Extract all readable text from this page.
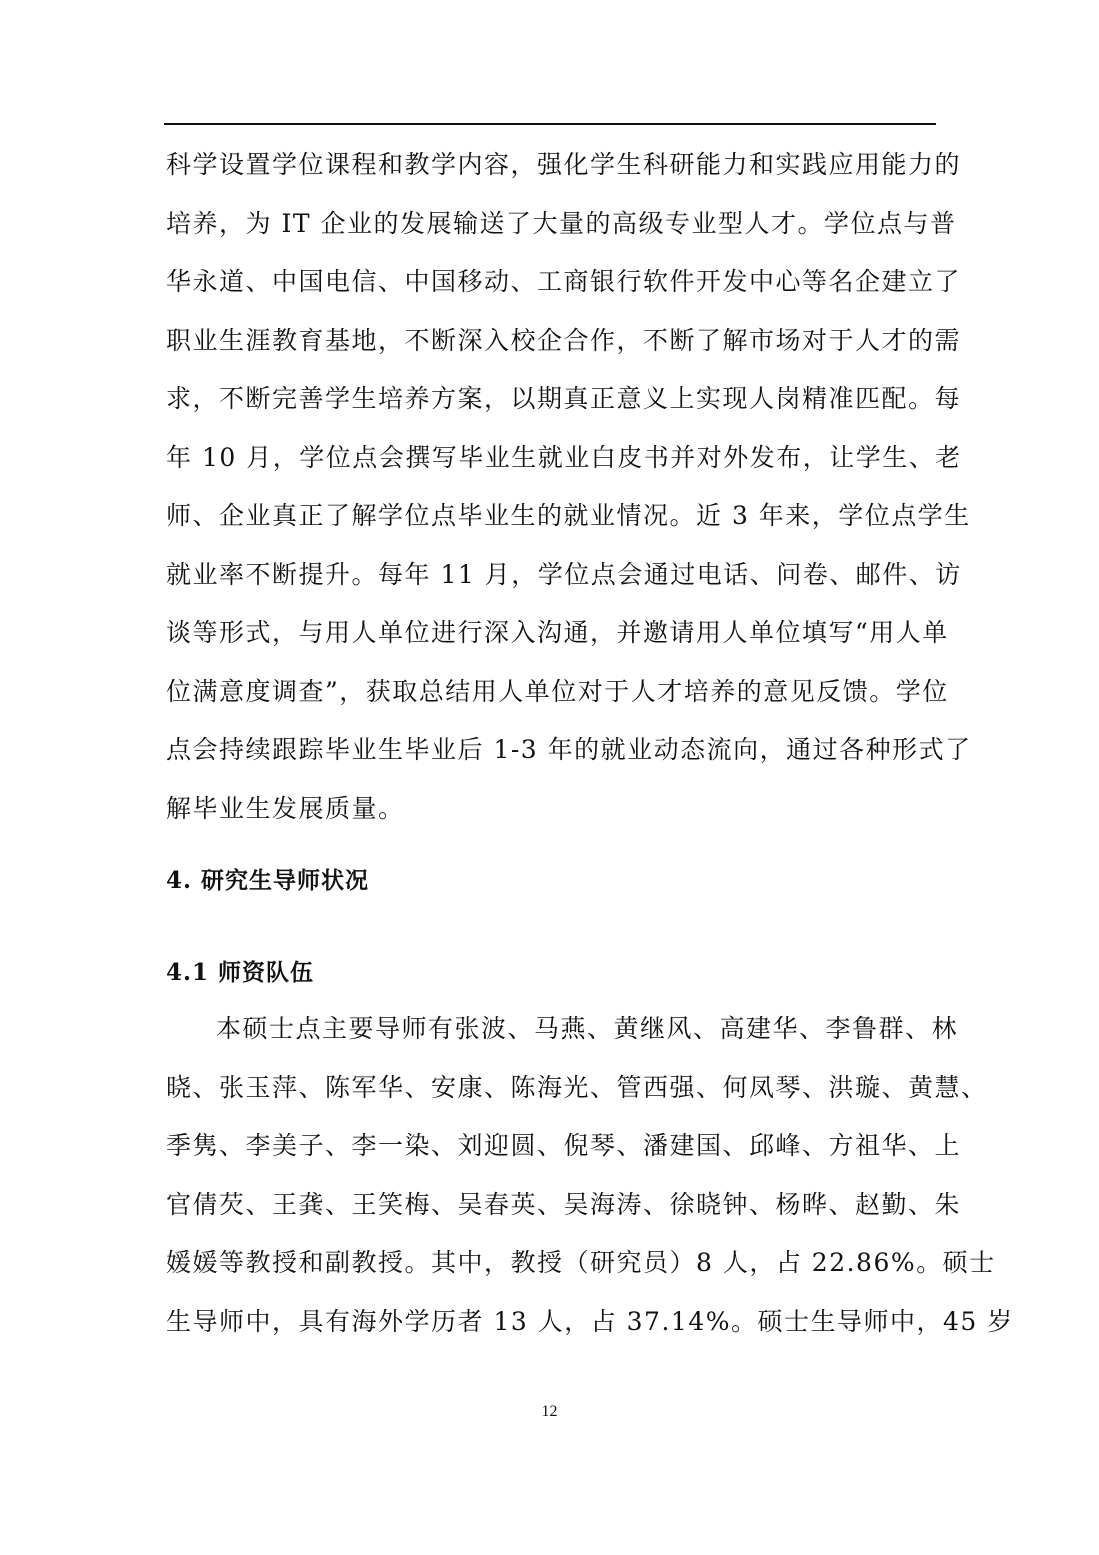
科学设置学位课程和教学内容，强化学生科研能力和实践应用能力的
培养，为 IT 企业的发展输送了大量的高级专业型人才。学位点与普
华永道、中国电信、中国移动、工商银行软件开发中心等名企建立了
职业生涯教育基地，不断深入校企合作，不断了解市场对于人才的需
求，不断完善学生培养方案，以期真正意义上实现人岗精准匹配。每
年 10 月，学位点会撰写毕业生就业白皮书并对外发布，让学生、老
师、企业真正了解学位点毕业生的就业情况。近 3 年来，学位点学生
就业率不断提升。每年 11 月，学位点会通过电话、问卷、邮件、访
谈等形式，与用人单位进行深入沟通，并邀请用人单位填写“用人单
位满意度调查”，获取总结用人单位对于人才培养的意见反馈。学位
点会持续跟踪毕业生毕业后 1-3 年的就业动态流向，通过各种形式了
解毕业生发展质量。
4. 研究生导师状况
4.1 师资队伍
本硕士点主要导师有张波、马燕、黄继风、高建华、李鲁群、林
晓、张玉萍、陈军华、安康、陈海光、管西强、何凤琴、洪璇、黄慧、
季隽、李美子、李一染、刘迎圆、倪琴、潘建国、邱峰、方祖华、上
官倩芡、王龚、王笑梅、吴春英、吴海涛、徐晓钟、杨晔、赵勤、朱
媛媛等教授和副教授。其中，教授（研究员）8 人，占 22.86%。硕士
生导师中，具有海外学历者 13 人，占 37.14%。硕士生导师中，45 岁
12
